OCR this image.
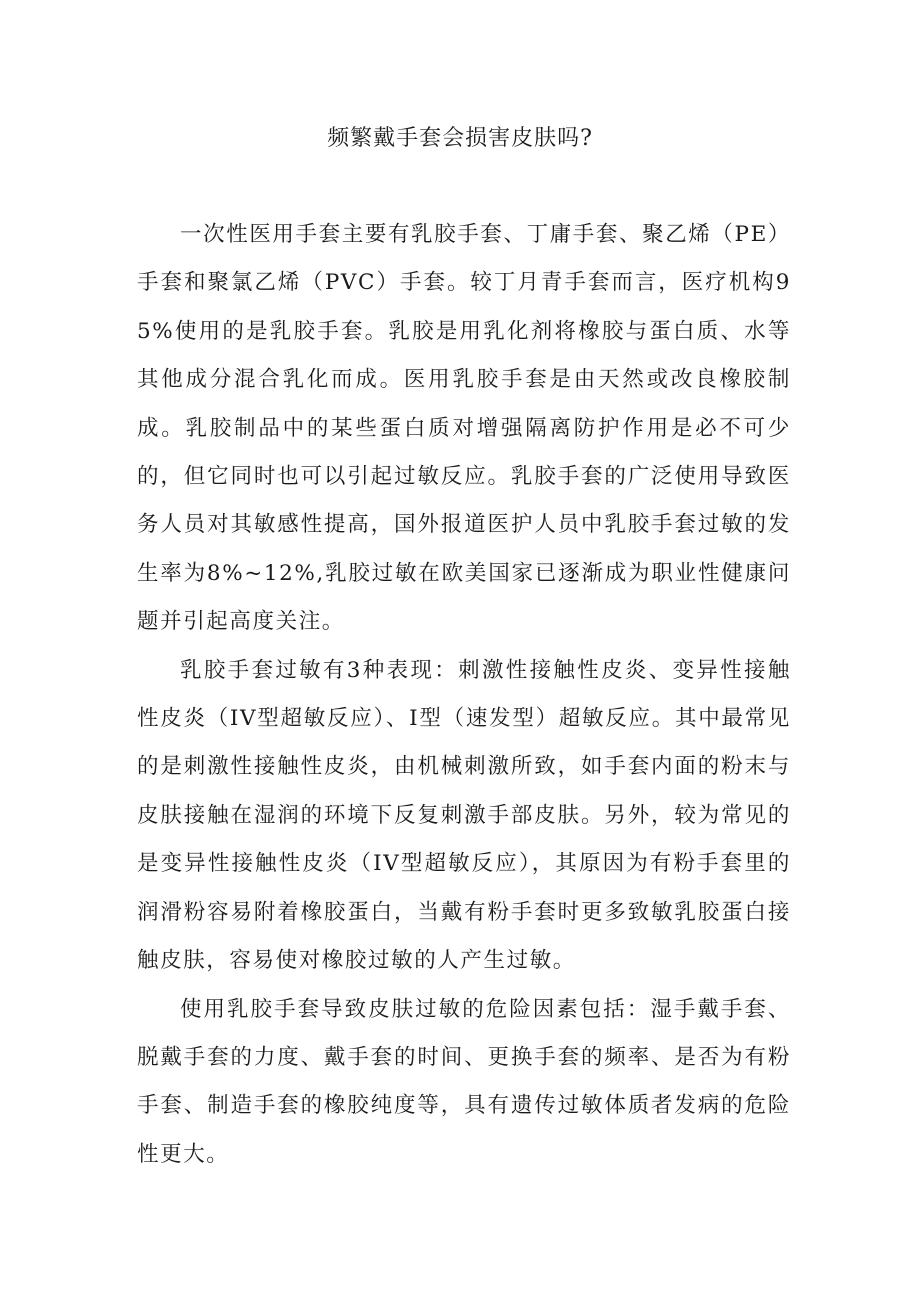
频繁戴手套会损害皮肤吗?

一次性医用手套主要有乳胶手套、丁庸手套、聚乙烯（PE）手套和聚氯乙烯（PVC）手套。较丁月青手套而言，医疗机构95%使用的是乳胶手套。乳胶是用乳化剂将橡胶与蛋白质、水等其他成分混合乳化而成。医用乳胶手套是由天然或改良橡胶制成。乳胶制品中的某些蛋白质对增强隔离防护作用是必不可少的，但它同时也可以引起过敏反应。乳胶手套的广泛使用导致医务人员对其敏感性提高，国外报道医护人员中乳胶手套过敏的发生率为8%~12%,乳胶过敏在欧美国家已逐渐成为职业性健康问题并引起高度关注。

乳胶手套过敏有3种表现：刺激性接触性皮炎、变异性接触性皮炎（IV型超敏反应）、I型（速发型）超敏反应。其中最常见的是刺激性接触性皮炎，由机械刺激所致，如手套内面的粉末与皮肤接触在湿润的环境下反复刺激手部皮肤。另外，较为常见的是变异性接触性皮炎（IV型超敏反应），其原因为有粉手套里的润滑粉容易附着橡胶蛋白，当戴有粉手套时更多致敏乳胶蛋白接触皮肤，容易使对橡胶过敏的人产生过敏。

使用乳胶手套导致皮肤过敏的危险因素包括：湿手戴手套、脱戴手套的力度、戴手套的时间、更换手套的频率、是否为有粉手套、制造手套的橡胶纯度等，具有遗传过敏体质者发病的危险性更大。
